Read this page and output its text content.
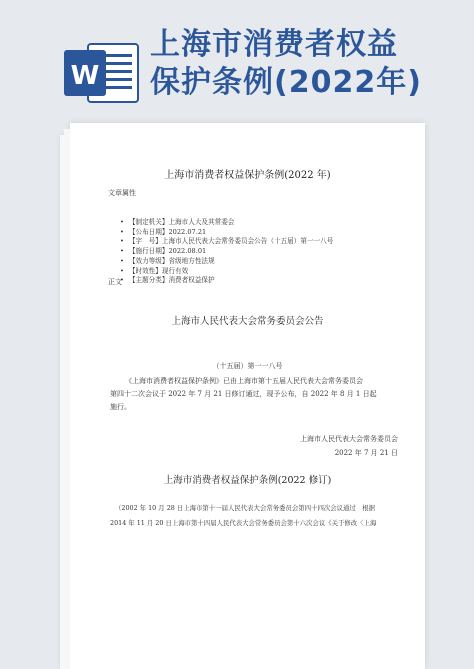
W
上海市消费者权益
保护条例(2022年)
上海市消费者权益保护条例(2022 年)
文章属性
• 【制定机关】上海市人大及其常委会
• 【公布日期】2022.07.21
• 【字　号】上海市人民代表大会常务委员会公告（十五届）第一一八号
• 【施行日期】2022.08.01
• 【效力等级】省级地方性法规
• 【时效性】现行有效
• 【主题分类】消费者权益保护
正文
上海市人民代表大会常务委员会公告
（十五届）第一一八号
《上海市消费者权益保护条例》已由上海市第十五届人民代表大会常务委员会
第四十二次会议于 2022 年 7 月 21 日修订通过，现予公布，自 2022 年 8 月 1 日起
施行。
上海市人民代表大会常务委员会
2022 年 7 月 21 日
上海市消费者权益保护条例(2022 修订)
（2002 年 10 月 28 日上海市第十一届人民代表大会常务委员会第四十四次会议通过　根据
2014 年 11 月 20 日上海市第十四届人民代表大会常务委员会第十六次会议《关于修改〈上海
